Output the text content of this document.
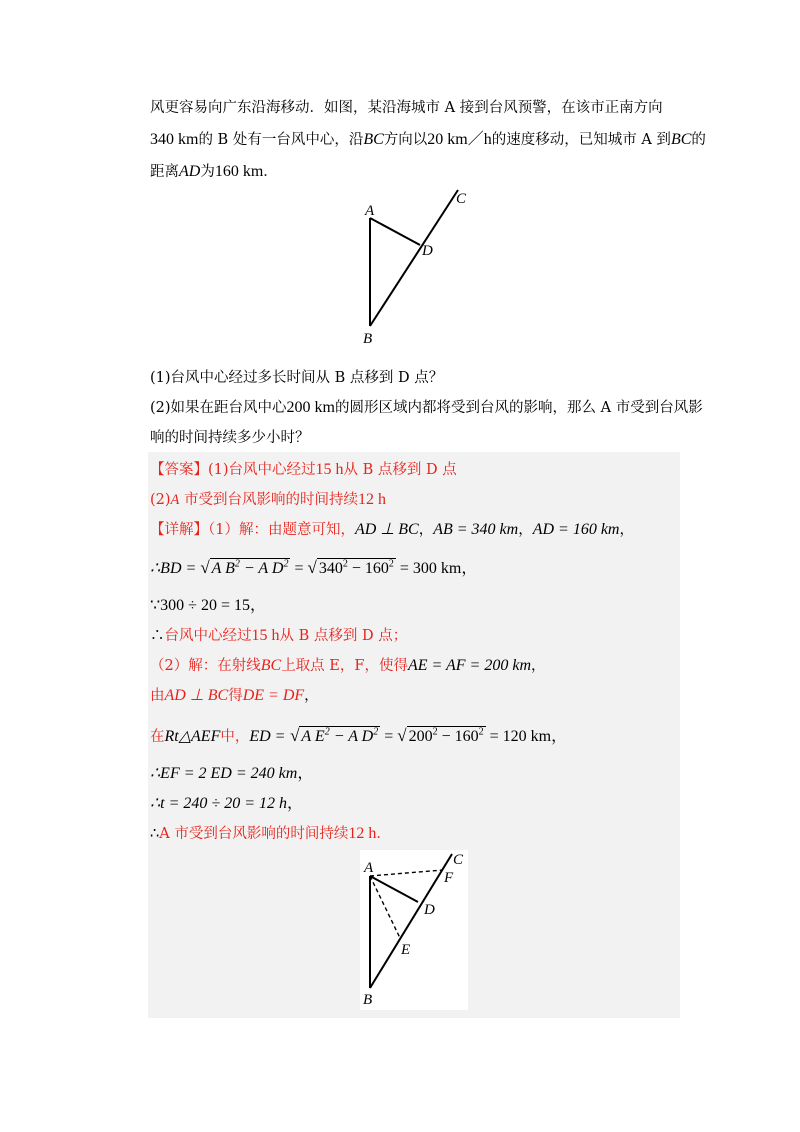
风更容易向广东沿海移动．如图，某沿海城市 A 接到台风预警，在该市正南方向
340 km的 B 处有一台风中心，沿BC方向以20 km／h的速度移动，已知城市 A 到BC的
距离AD为160 km．
A
B
C
D
(1)台风中心经过多长时间从 B 点移到 D 点？
(2)如果在距台风中心200 km的圆形区域内都将受到台风的影响，那么 A 市受到台风影
响的时间持续多少小时？
【答案】(1)台风中心经过15 h从 B 点移到 D 点
(2)A 市受到台风影响的时间持续12 h
【详解】（1）解：由题意可知，AD ⊥ BC，AB = 340 km，AD = 160 km，
∴BD = √ A $B^2 - A$ $D^2$ = √ $340^2 - 160^2 = 300$ km，
∵300 ÷ 20 = 15，
∴台风中心经过15 h从 B 点移到 D 点；
（2）解：在射线BC上取点 E，F，使得AE = AF = 200 km，
由AD ⊥ BC得DE = DF，
在Rt△AEF中，ED = √ A $E^2 - A$ $D^2$ = √ $200^2 - 160^2 = 120$ km，
∴EF = 2 ED = 240 km，
∴t = 240 ÷ 20 = 12 h，
∴A 市受到台风影响的时间持续12 h．
A
B
C
D
E
F
